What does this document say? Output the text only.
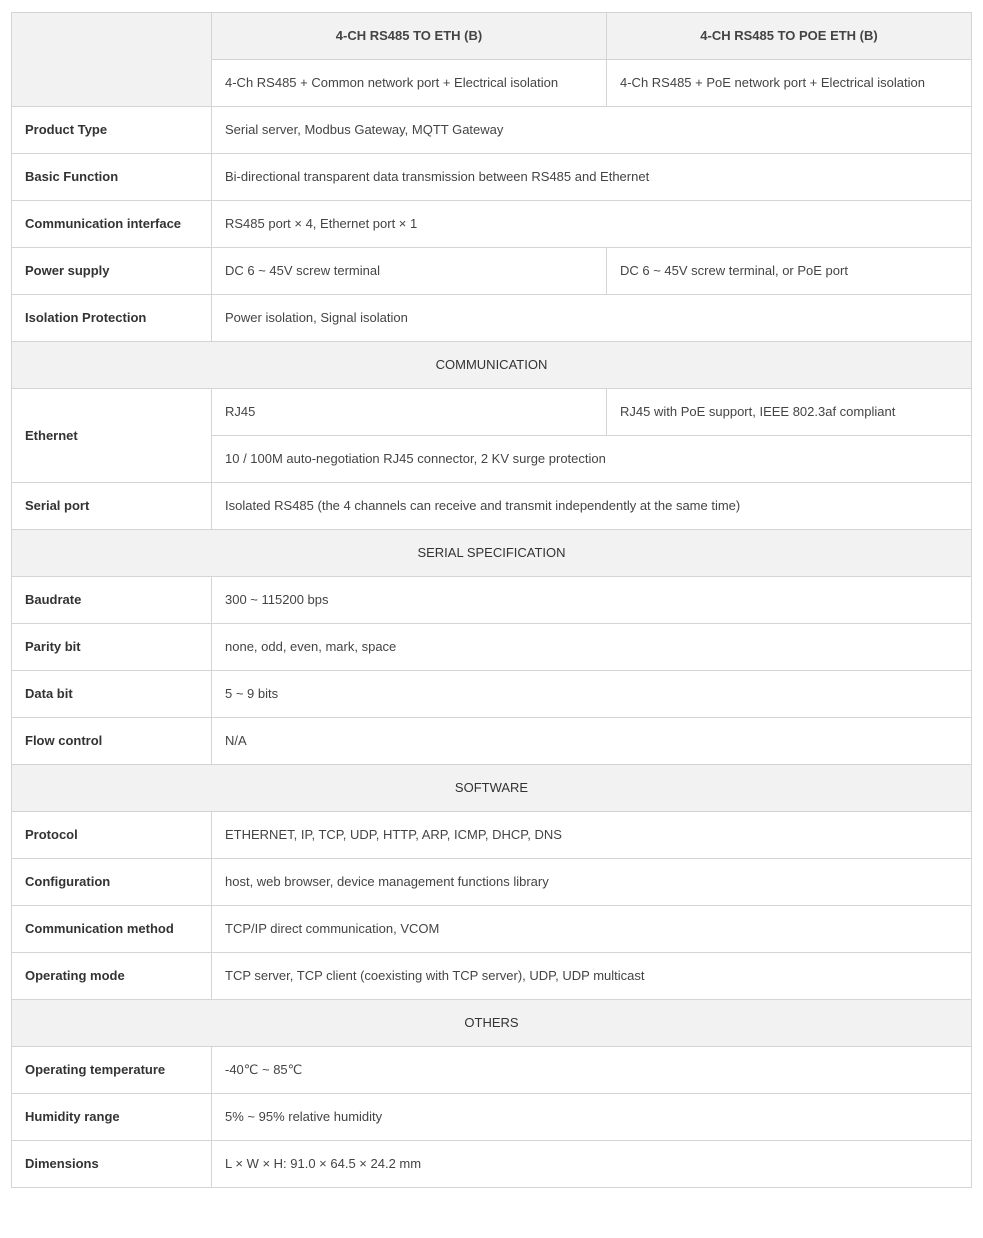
	4-CH RS485 TO ETH (B)	4-CH RS485 TO POE ETH (B)
	4-Ch RS485 + Common network port + Electrical isolation	4-Ch RS485 + PoE network port + Electrical isolation
Product Type	Serial server, Modbus Gateway, MQTT Gateway	
Basic Function	Bi-directional transparent data transmission between RS485 and Ethernet	
Communication interface	RS485 port × 4, Ethernet port × 1	
Power supply	DC 6 ~ 45V screw terminal	DC 6 ~ 45V screw terminal, or PoE port
Isolation Protection	Power isolation, Signal isolation	
COMMUNICATION		
Ethernet	RJ45	RJ45 with PoE support, IEEE 802.3af compliant
	10 / 100M auto-negotiation RJ45 connector, 2 KV surge protection	
Serial port	Isolated RS485 (the 4 channels can receive and transmit independently at the same time)	
SERIAL SPECIFICATION		
Baudrate	300 ~ 115200 bps	
Parity bit	none, odd, even, mark, space	
Data bit	5 ~ 9 bits	
Flow control	N/A	
SOFTWARE		
Protocol	ETHERNET, IP, TCP, UDP, HTTP, ARP, ICMP, DHCP, DNS	
Configuration	host, web browser, device management functions library	
Communication method	TCP/IP direct communication, VCOM	
Operating mode	TCP server, TCP client (coexisting with TCP server), UDP, UDP multicast	
OTHERS		
Operating temperature	-40℃ ~ 85℃	
Humidity range	5% ~ 95% relative humidity	
Dimensions	L × W × H: 91.0 × 64.5 × 24.2 mm	
